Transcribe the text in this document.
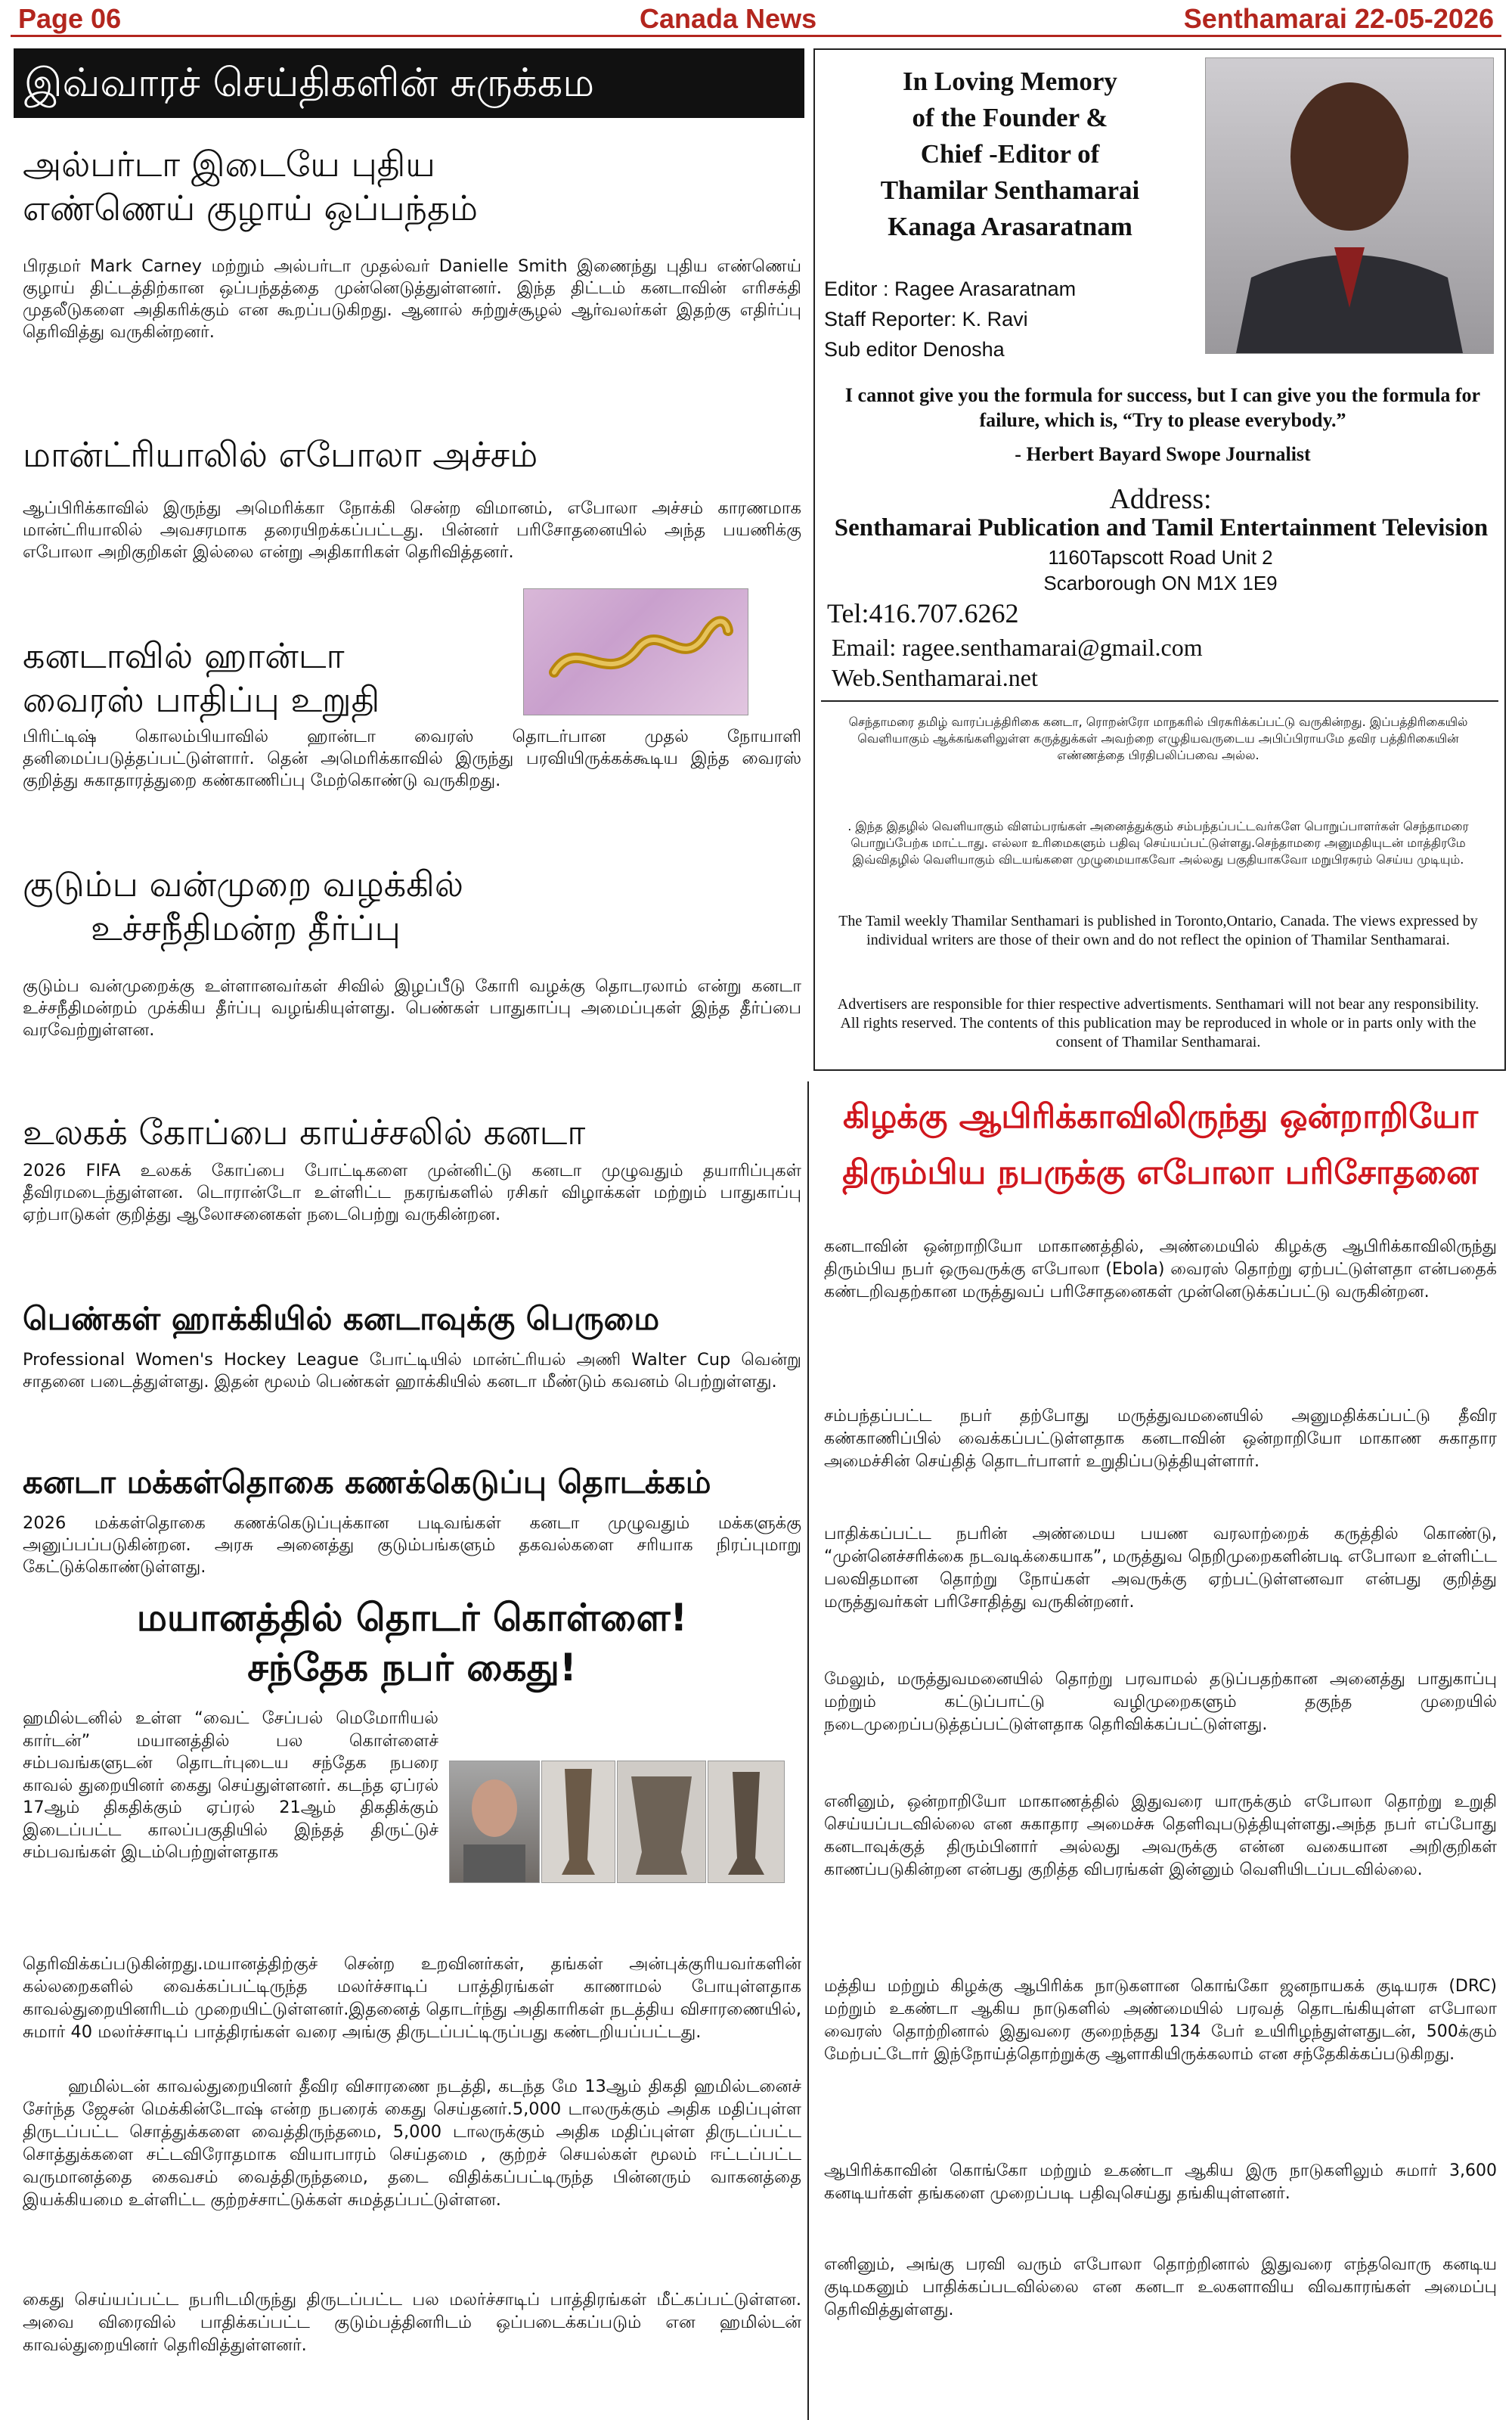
Page 06	Canada News	Senthamarai 22-05-2026
இவ்வாரச் செய்திகளின் சுருக்கம
அல்பர்டா இடையே புதிய
எண்ணெய் குழாய் ஒப்பந்தம்
பிரதமர் Mark Carney மற்றும் அல்பர்டா முதல்வர் Danielle Smith இணைந்து புதிய எண்ணெய் குழாய் திட்டத்திற்கான ஒப்பந்தத்தை முன்னெடுத்துள்ளனர். இந்த திட்டம் கனடாவின் எரிசக்தி முதலீடுகளை அதிகரிக்கும் என கூறப்படுகிறது. ஆனால் சுற்றுச்சூழல் ஆர்வலர்கள் இதற்கு எதிர்ப்பு தெரிவித்து வருகின்றனர்.
மான்ட்ரியாலில் எபோலா அச்சம்
ஆப்பிரிக்காவில் இருந்து அமெரிக்கா நோக்கி சென்ற விமானம், எபோலா அச்சம் காரணமாக மான்ட்ரியாலில் அவசரமாக தரையிறக்கப்பட்டது. பின்னர் பரிசோதனையில் அந்த பயணிக்கு எபோலா அறிகுறிகள் இல்லை என்று அதிகாரிகள் தெரிவித்தனர்.
கனடாவில் ஹான்டா
வைரஸ் பாதிப்பு உறுதி
பிரிட்டிஷ் கொலம்பியாவில் ஹான்டா வைரஸ் தொடர்பான முதல் நோயாளி தனிமைப்படுத்தப்பட்டுள்ளார். தென் அமெரிக்காவில் இருந்து பரவியிருக்கக்கூடிய இந்த வைரஸ் குறித்து சுகாதாரத்துறை கண்காணிப்பு மேற்கொண்டு வருகிறது.
குடும்ப வன்முறை வழக்கில்
உச்சநீதிமன்ற தீர்ப்பு
குடும்ப வன்முறைக்கு உள்ளானவர்கள் சிவில் இழப்பீடு கோரி வழக்கு தொடரலாம் என்று கனடா உச்சநீதிமன்றம் முக்கிய தீர்ப்பு வழங்கியுள்ளது. பெண்கள் பாதுகாப்பு அமைப்புகள் இந்த தீர்ப்பை வரவேற்றுள்ளன.
உலகக் கோப்பை காய்ச்சலில் கனடா
2026 FIFA உலகக் கோப்பை போட்டிகளை முன்னிட்டு கனடா முழுவதும் தயாரிப்புகள் தீவிரமடைந்துள்ளன. டொரான்டோ உள்ளிட்ட நகரங்களில் ரசிகர் விழாக்கள் மற்றும் பாதுகாப்பு ஏற்பாடுகள் குறித்து ஆலோசனைகள் நடைபெற்று வருகின்றன.
பெண்கள் ஹாக்கியில் கனடாவுக்கு பெருமை
Professional Women's Hockey League போட்டியில் மான்ட்ரியல் அணி Walter Cup வென்று சாதனை படைத்துள்ளது. இதன் மூலம் பெண்கள் ஹாக்கியில் கனடா மீண்டும் கவனம் பெற்றுள்ளது.
கனடா மக்கள்தொகை கணக்கெடுப்பு தொடக்கம்
2026 மக்கள்தொகை கணக்கெடுப்புக்கான படிவங்கள் கனடா முழுவதும் மக்களுக்கு அனுப்பப்படுகின்றன. அரசு அனைத்து குடும்பங்களும் தகவல்களை சரியாக நிரப்புமாறு கேட்டுக்கொண்டுள்ளது.
மயானத்தில் தொடர் கொள்ளை!
சந்தேக நபர் கைது!
ஹமில்டனில் உள்ள “வைட் சேப்பல் மெமோரியல் கார்டன்” மயானத்தில் பல கொள்ளைச் சம்பவங்களுடன் தொடர்புடைய சந்தேக நபரை காவல் துறையினர் கைது செய்துள்ளனர். கடந்த ஏப்ரல் 17ஆம் திகதிக்கும் ஏப்ரல் 21ஆம் திகதிக்கும் இடைப்பட்ட காலப்பகுதியில் இந்தத் திருட்டுச் சம்பவங்கள் இடம்பெற்றுள்ளதாக
தெரிவிக்கப்படுகின்றது.மயானத்திற்குச் சென்ற உறவினர்கள், தங்கள் அன்புக்குரியவர்களின் கல்லறைகளில் வைக்கப்பட்டிருந்த மலர்ச்சாடிப் பாத்திரங்கள் காணாமல் போயுள்ளதாக காவல்துறையினரிடம் முறையிட்டுள்ளனர்.இதனைத் தொடர்ந்து அதிகாரிகள் நடத்திய விசாரணையில், சுமார் 40 மலர்ச்சாடிப் பாத்திரங்கள் வரை அங்கு திருடப்பட்டிருப்பது கண்டறியப்பட்டது.
ஹமில்டன் காவல்துறையினர் தீவிர விசாரணை நடத்தி, கடந்த மே 13ஆம் திகதி ஹமில்டனைச் சேர்ந்த ஜேசன் மெக்கின்டோஷ் என்ற நபரைக் கைது செய்தனர்.5,000 டாலருக்கும் அதிக மதிப்புள்ள திருடப்பட்ட சொத்துக்களை வைத்திருந்தமை, 5,000 டாலருக்கும் அதிக மதிப்புள்ள திருடப்பட்ட சொத்துக்களை சட்டவிரோதமாக வியாபாரம் செய்தமை , குற்றச் செயல்கள் மூலம் ஈட்டப்பட்ட வருமானத்தை கைவசம் வைத்திருந்தமை, தடை விதிக்கப்பட்டிருந்த பின்னரும் வாகனத்தை இயக்கியமை உள்ளிட்ட குற்றச்சாட்டுக்கள் சுமத்தப்பட்டுள்ளன.
கைது செய்யப்பட்ட நபரிடமிருந்து திருடப்பட்ட பல மலர்ச்சாடிப் பாத்திரங்கள் மீட்கப்பட்டுள்ளன. அவை விரைவில் பாதிக்கப்பட்ட குடும்பத்தினரிடம் ஒப்படைக்கப்படும் என ஹமில்டன் காவல்துறையினர் தெரிவித்துள்ளனர்.
In Loving Memory
of the Founder &
Chief -Editor of
Thamilar Senthamarai
Kanaga Arasaratnam
Editor : Ragee Arasaratnam
Staff Reporter: K. Ravi
Sub editor Denosha
I cannot give you the formula for success, but I can give you the formula for failure, which is, “Try to please everybody.”
- Herbert Bayard Swope Journalist
Address:
Senthamarai Publication and Tamil Entertainment Television
1160Tapscott Road Unit 2
Scarborough ON M1X 1E9
Tel:416.707.6262
Email: ragee.senthamarai@gmail.com
Web.Senthamarai.net
செந்தாமரை தமிழ் வாரப்பத்திரிகை கனடா, ரொறன்ரோ மாநகரில் பிரசுரிக்கப்பட்டு வருகின்றது. இப்பத்திரிகையில் வெளியாகும் ஆக்கங்களிலுள்ள கருத்துக்கள் அவற்றை எழுதியவருடைய அபிப்பிராயமே தவிர பத்திரிகையின் எண்ணத்தை பிரதிபலிப்பவை அல்ல.
. இந்த இதழில் வெளியாகும் விளம்பரங்கள் அனைத்துக்கும் சம்பந்தப்பட்டவர்களே பொறுப்பாளர்கள் செந்தாமரை பொறுப்பேற்க மாட்டாது. எல்லா உரிமைகளும் பதிவு செய்யப்பட்டுள்ளது.செந்தாமரை அனுமதியுடன் மாத்திரமே இவ்விதழில் வெளியாகும் விடயங்களை முழுமையாகவோ அல்லது பகுதியாகவோ மறுபிரசுரம் செய்ய முடியும்.
The Tamil weekly Thamilar Senthamari is published in Toronto,Ontario, Canada. The views expressed by individual writers are those of their own and do not reflect the opinion of Thamilar Senthamarai.
Advertisers are responsible for thier respective advertisments. Senthamari will not bear any responsibility. All rights reserved. The contents of this publication may be reproduced in whole or in parts only with the consent of Thamilar Senthamarai.
கிழக்கு ஆபிரிக்காவிலிருந்து ஒன்றாறியோ
திரும்பிய நபருக்கு எபோலா பரிசோதனை
கனடாவின் ஒன்றாறியோ மாகாணத்தில், அண்மையில் கிழக்கு ஆபிரிக்காவிலிருந்து திரும்பிய நபர் ஒருவருக்கு எபோலா (Ebola) வைரஸ் தொற்று ஏற்பட்டுள்ளதா என்பதைக் கண்டறிவதற்கான மருத்துவப் பரிசோதனைகள் முன்னெடுக்கப்பட்டு வருகின்றன.
சம்பந்தப்பட்ட நபர் தற்போது மருத்துவமனையில் அனுமதிக்கப்பட்டு தீவிர கண்காணிப்பில் வைக்கப்பட்டுள்ளதாக கனடாவின் ஒன்றாறியோ மாகாண சுகாதார அமைச்சின் செய்தித் தொடர்பாளர் உறுதிப்படுத்தியுள்ளார்.
பாதிக்கப்பட்ட நபரின் அண்மைய பயண வரலாற்றைக் கருத்தில் கொண்டு, “முன்னெச்சரிக்கை நடவடிக்கையாக”, மருத்துவ நெறிமுறைகளின்படி எபோலா உள்ளிட்ட பலவிதமான தொற்று நோய்கள் அவருக்கு ஏற்பட்டுள்ளனவா என்பது குறித்து மருத்துவர்கள் பரிசோதித்து வருகின்றனர்.
மேலும், மருத்துவமனையில் தொற்று பரவாமல் தடுப்பதற்கான அனைத்து பாதுகாப்பு மற்றும் கட்டுப்பாட்டு வழிமுறைகளும் தகுந்த முறையில் நடைமுறைப்படுத்தப்பட்டுள்ளதாக தெரிவிக்கப்பட்டுள்ளது.
எனினும், ஒன்றாறியோ மாகாணத்தில் இதுவரை யாருக்கும் எபோலா தொற்று உறுதி செய்யப்படவில்லை என சுகாதார அமைச்சு தெளிவுபடுத்தியுள்ளது.அந்த நபர் எப்போது கனடாவுக்குத் திரும்பினார் அல்லது அவருக்கு என்ன வகையான அறிகுறிகள் காணப்படுகின்றன என்பது குறித்த விபரங்கள் இன்னும் வெளியிடப்படவில்லை.
மத்திய மற்றும் கிழக்கு ஆபிரிக்க நாடுகளான கொங்கோ ஜனநாயகக் குடியரசு (DRC) மற்றும் உகண்டா ஆகிய நாடுகளில் அண்மையில் பரவத் தொடங்கியுள்ள எபோலா வைரஸ் தொற்றினால் இதுவரை குறைந்தது 134 பேர் உயிரிழந்துள்ளதுடன், 500க்கும் மேற்பட்டோர் இந்நோய்த்தொற்றுக்கு ஆளாகியிருக்கலாம் என சந்தேகிக்கப்படுகிறது.
ஆபிரிக்காவின் கொங்கோ மற்றும் உகண்டா ஆகிய இரு நாடுகளிலும் சுமார் 3,600 கனடியர்கள் தங்களை முறைப்படி பதிவுசெய்து தங்கியுள்ளனர்.
எனினும், அங்கு பரவி வரும் எபோலா தொற்றினால் இதுவரை எந்தவொரு கனடிய குடிமகனும் பாதிக்கப்படவில்லை என கனடா உலகளாவிய விவகாரங்கள் அமைப்பு தெரிவித்துள்ளது.
